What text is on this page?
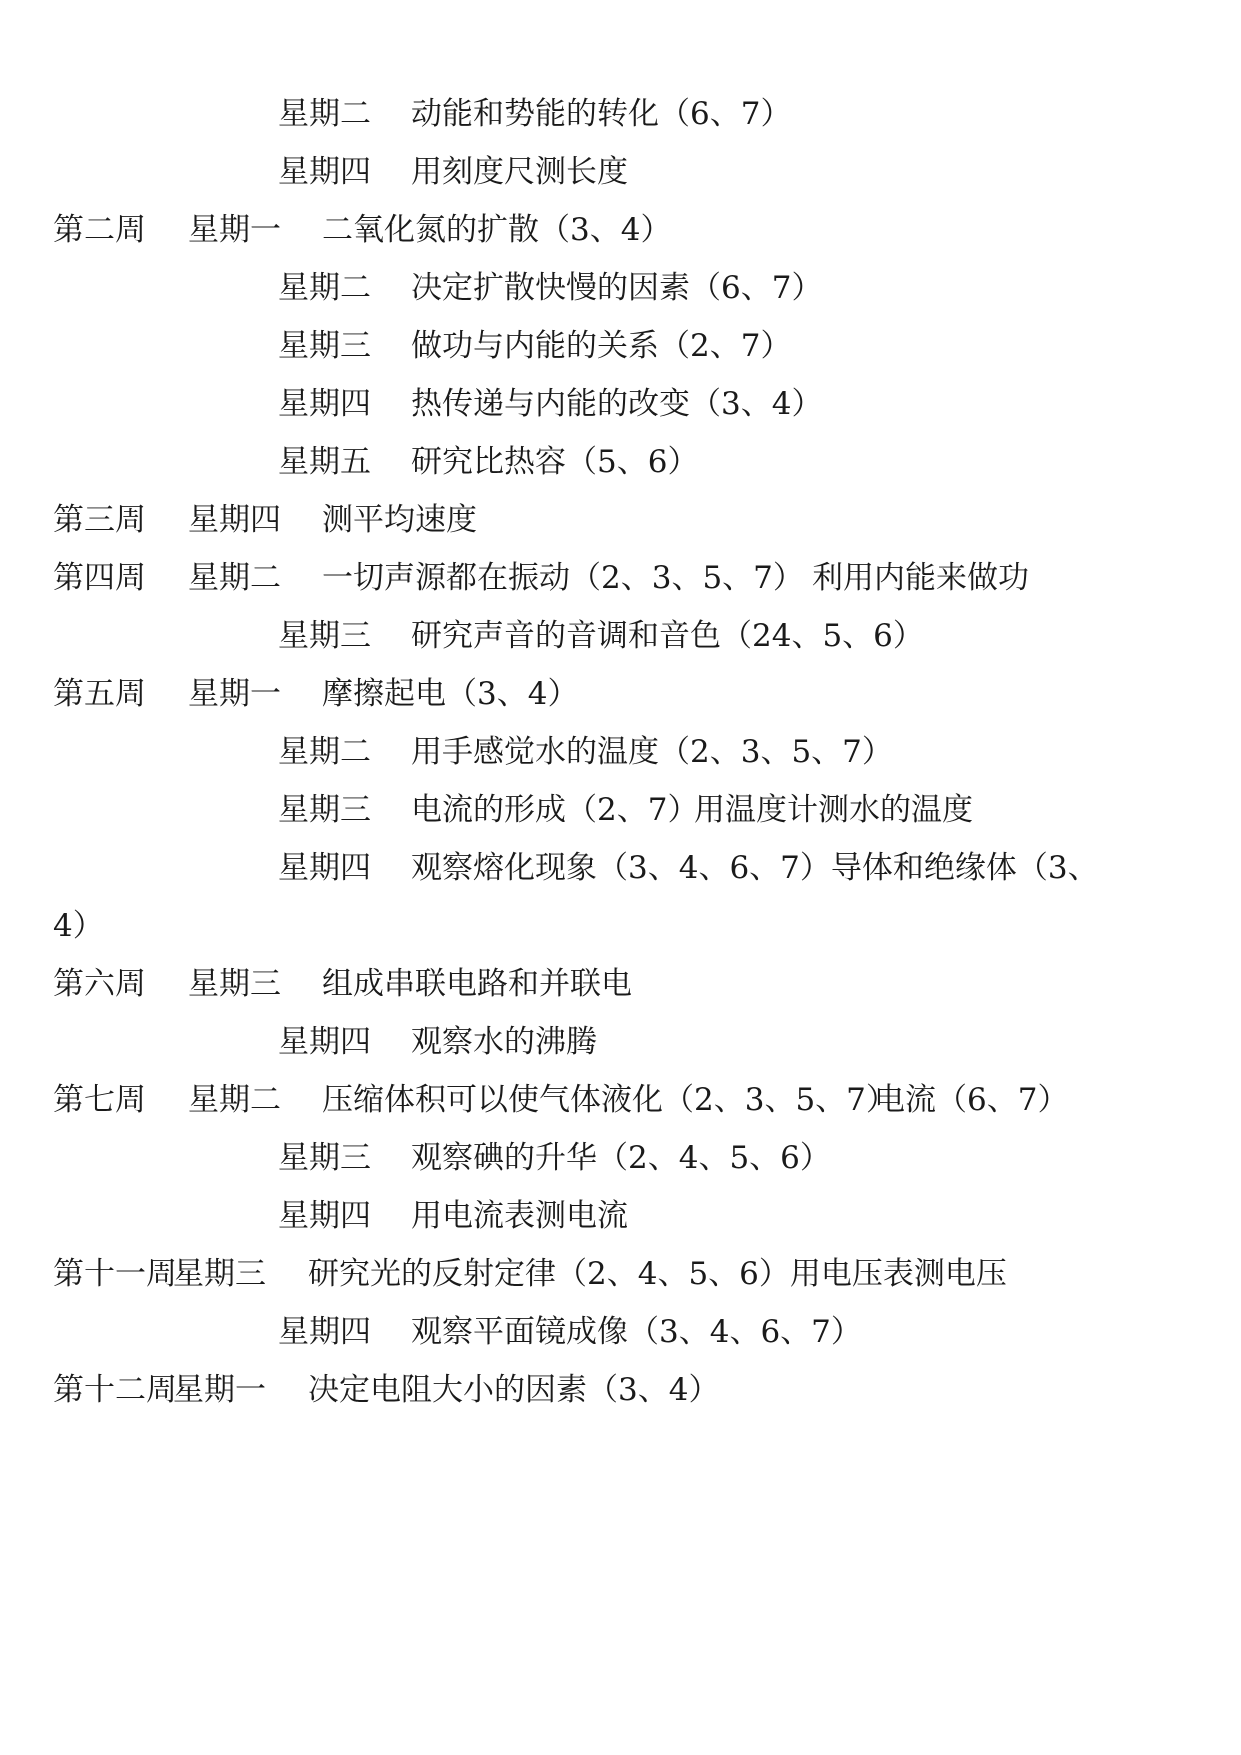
星期二 动能和势能的转化（6、7）
星期四 用刻度尺测长度
第二周 星期一 二氧化氮的扩散（3、4）
星期二 决定扩散快慢的因素（6、7）
星期三 做功与内能的关系（2、7）
星期四 热传递与内能的改变（3、4）
星期五 研究比热容（5、6）
第三周 星期四 测平均速度
第四周 星期二 一切声源都在振动（2、3、5、7） 利用内能来做功
星期三 研究声音的音调和音色（24、5、6）
第五周 星期一 摩擦起电（3、4）
星期二 用手感觉水的温度（2、3、5、7）
星期三 电流的形成（2、7）
用温度计测水的温度
星期四 观察熔化现象（3、4、6、7）导体和绝缘体（3、
4）
第六周 星期三 组成串联电路和并联电
星期四 观察水的沸腾
第七周 星期二 压缩体积可以使气体液化（2、3、5、7）
电流（6、7）
星期三 观察碘的升华（2、4、5、6）
星期四 用电流表测电流
第十一周
星期三 研究光的反射定律（2、4、5、6）用电压表测电压
星期四 观察平面镜成像（3、4、6、7）
第十二周
星期一 决定电阻大小的因素（3、4）
